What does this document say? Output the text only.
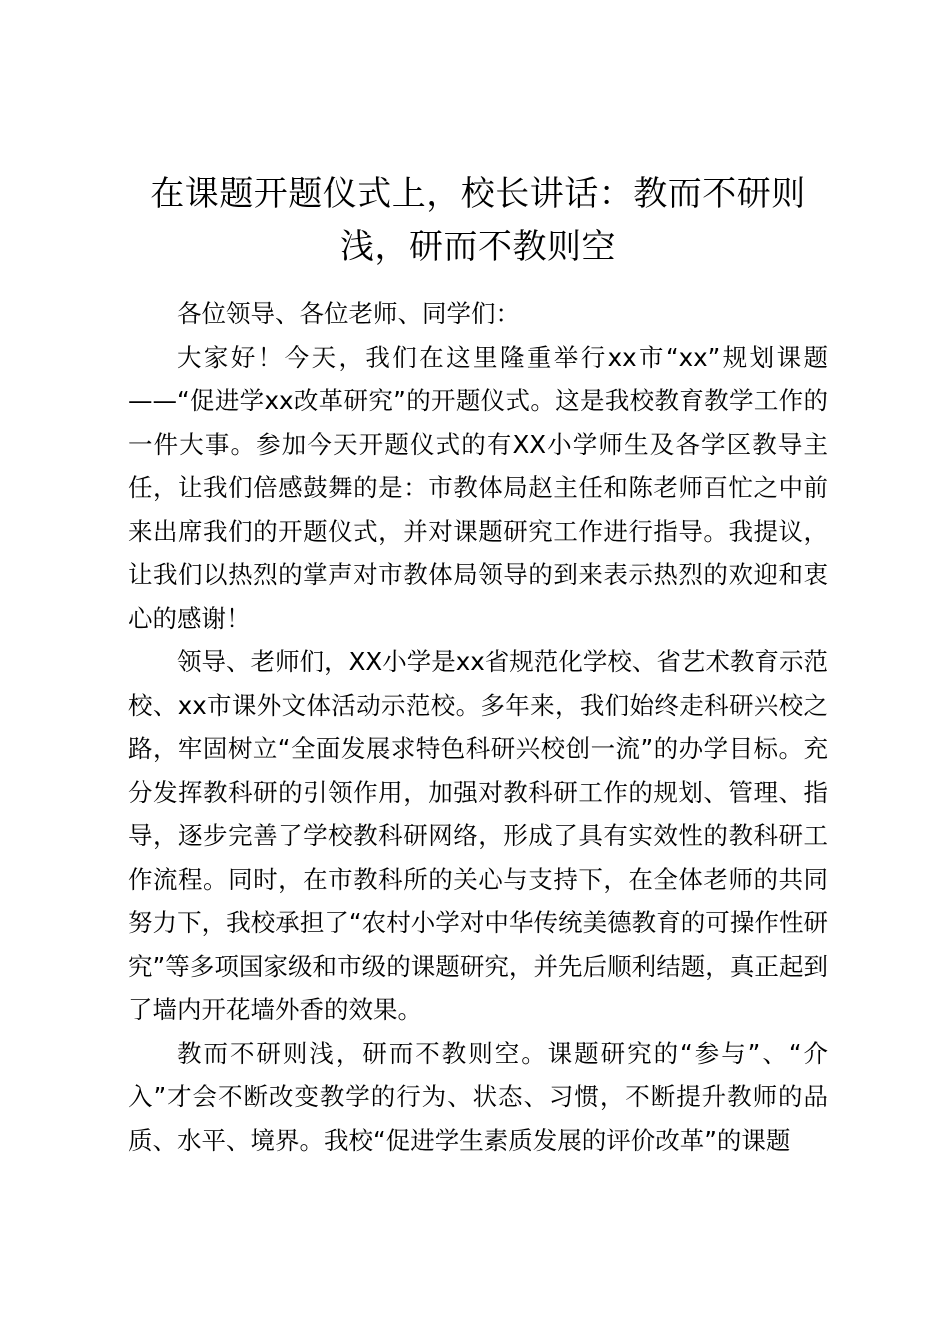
在课题开题仪式上，校长讲话：教而不研则浅，研而不教则空

各位领导、各位老师、同学们：

大家好！今天，我们在这里隆重举行xx市“xx”规划课题——“促进学xx改革研究”的开题仪式。这是我校教育教学工作的一件大事。参加今天开题仪式的有XX小学师生及各学区教导主任，让我们倍感鼓舞的是：市教体局赵主任和陈老师百忙之中前来出席我们的开题仪式，并对课题研究工作进行指导。我提议，让我们以热烈的掌声对市教体局领导的到来表示热烈的欢迎和衷心的感谢！

领导、老师们，XX小学是xx省规范化学校、省艺术教育示范校、xx市课外文体活动示范校。多年来，我们始终走科研兴校之路，牢固树立“全面发展求特色科研兴校创一流”的办学目标。充分发挥教科研的引领作用，加强对教科研工作的规划、管理、指导，逐步完善了学校教科研网络，形成了具有实效性的教科研工作流程。同时，在市教科所的关心与支持下，在全体老师的共同努力下，我校承担了“农村小学对中华传统美德教育的可操作性研究”等多项国家级和市级的课题研究，并先后顺利结题，真正起到了墙内开花墙外香的效果。

教而不研则浅，研而不教则空。课题研究的“参与”、“介入”才会不断改变教学的行为、状态、习惯，不断提升教师的品质、水平、境界。我校“促进学生素质发展的评价改革”的课题
